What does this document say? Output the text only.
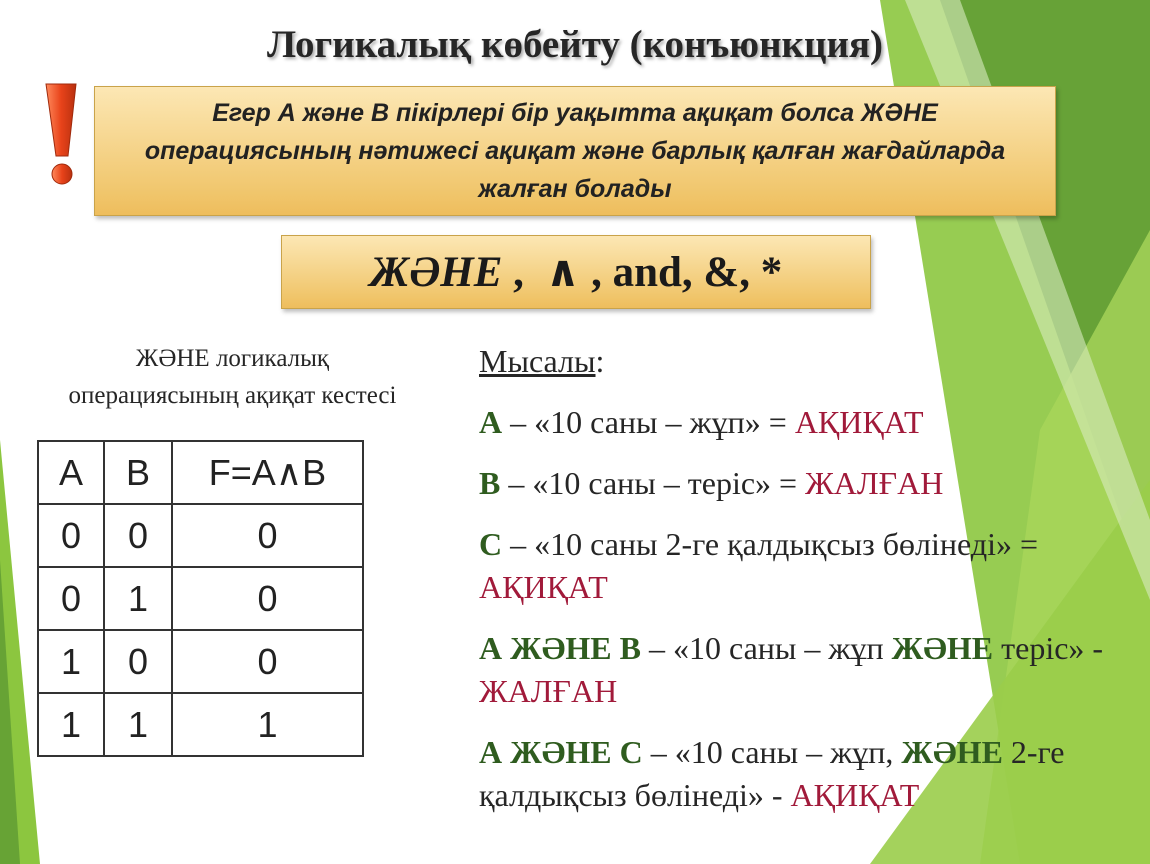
Логикалық көбейту (конъюнкция)
Егер А және В пікірлері бір уақытта ақиқат болса ЖӘНЕ операциясының нәтижесі ақиқат және барлық қалған жағдайларда жалған болады
ЖӘНЕ ,  ∧ , and, &, *
ЖӘНЕ логикалық
операциясының ақиқат кестесі
A	B	F=A∧B
0	0	0
0	1	0
1	0	0
1	1	1

Мысалы:

А – «10 саны – жұп» = АҚИҚАТ

В – «10 саны – теріс» = ЖАЛҒАН

С – «10 саны 2-ге қалдықсыз бөлінеді» = АҚИҚАТ

А ЖӘНЕ В – «10 саны – жұп ЖӘНЕ теріс» - ЖАЛҒАН

А ЖӘНЕ С – «10 саны – жұп, ЖӘНЕ 2-ге қалдықсыз бөлінеді» - АҚИҚАТ
